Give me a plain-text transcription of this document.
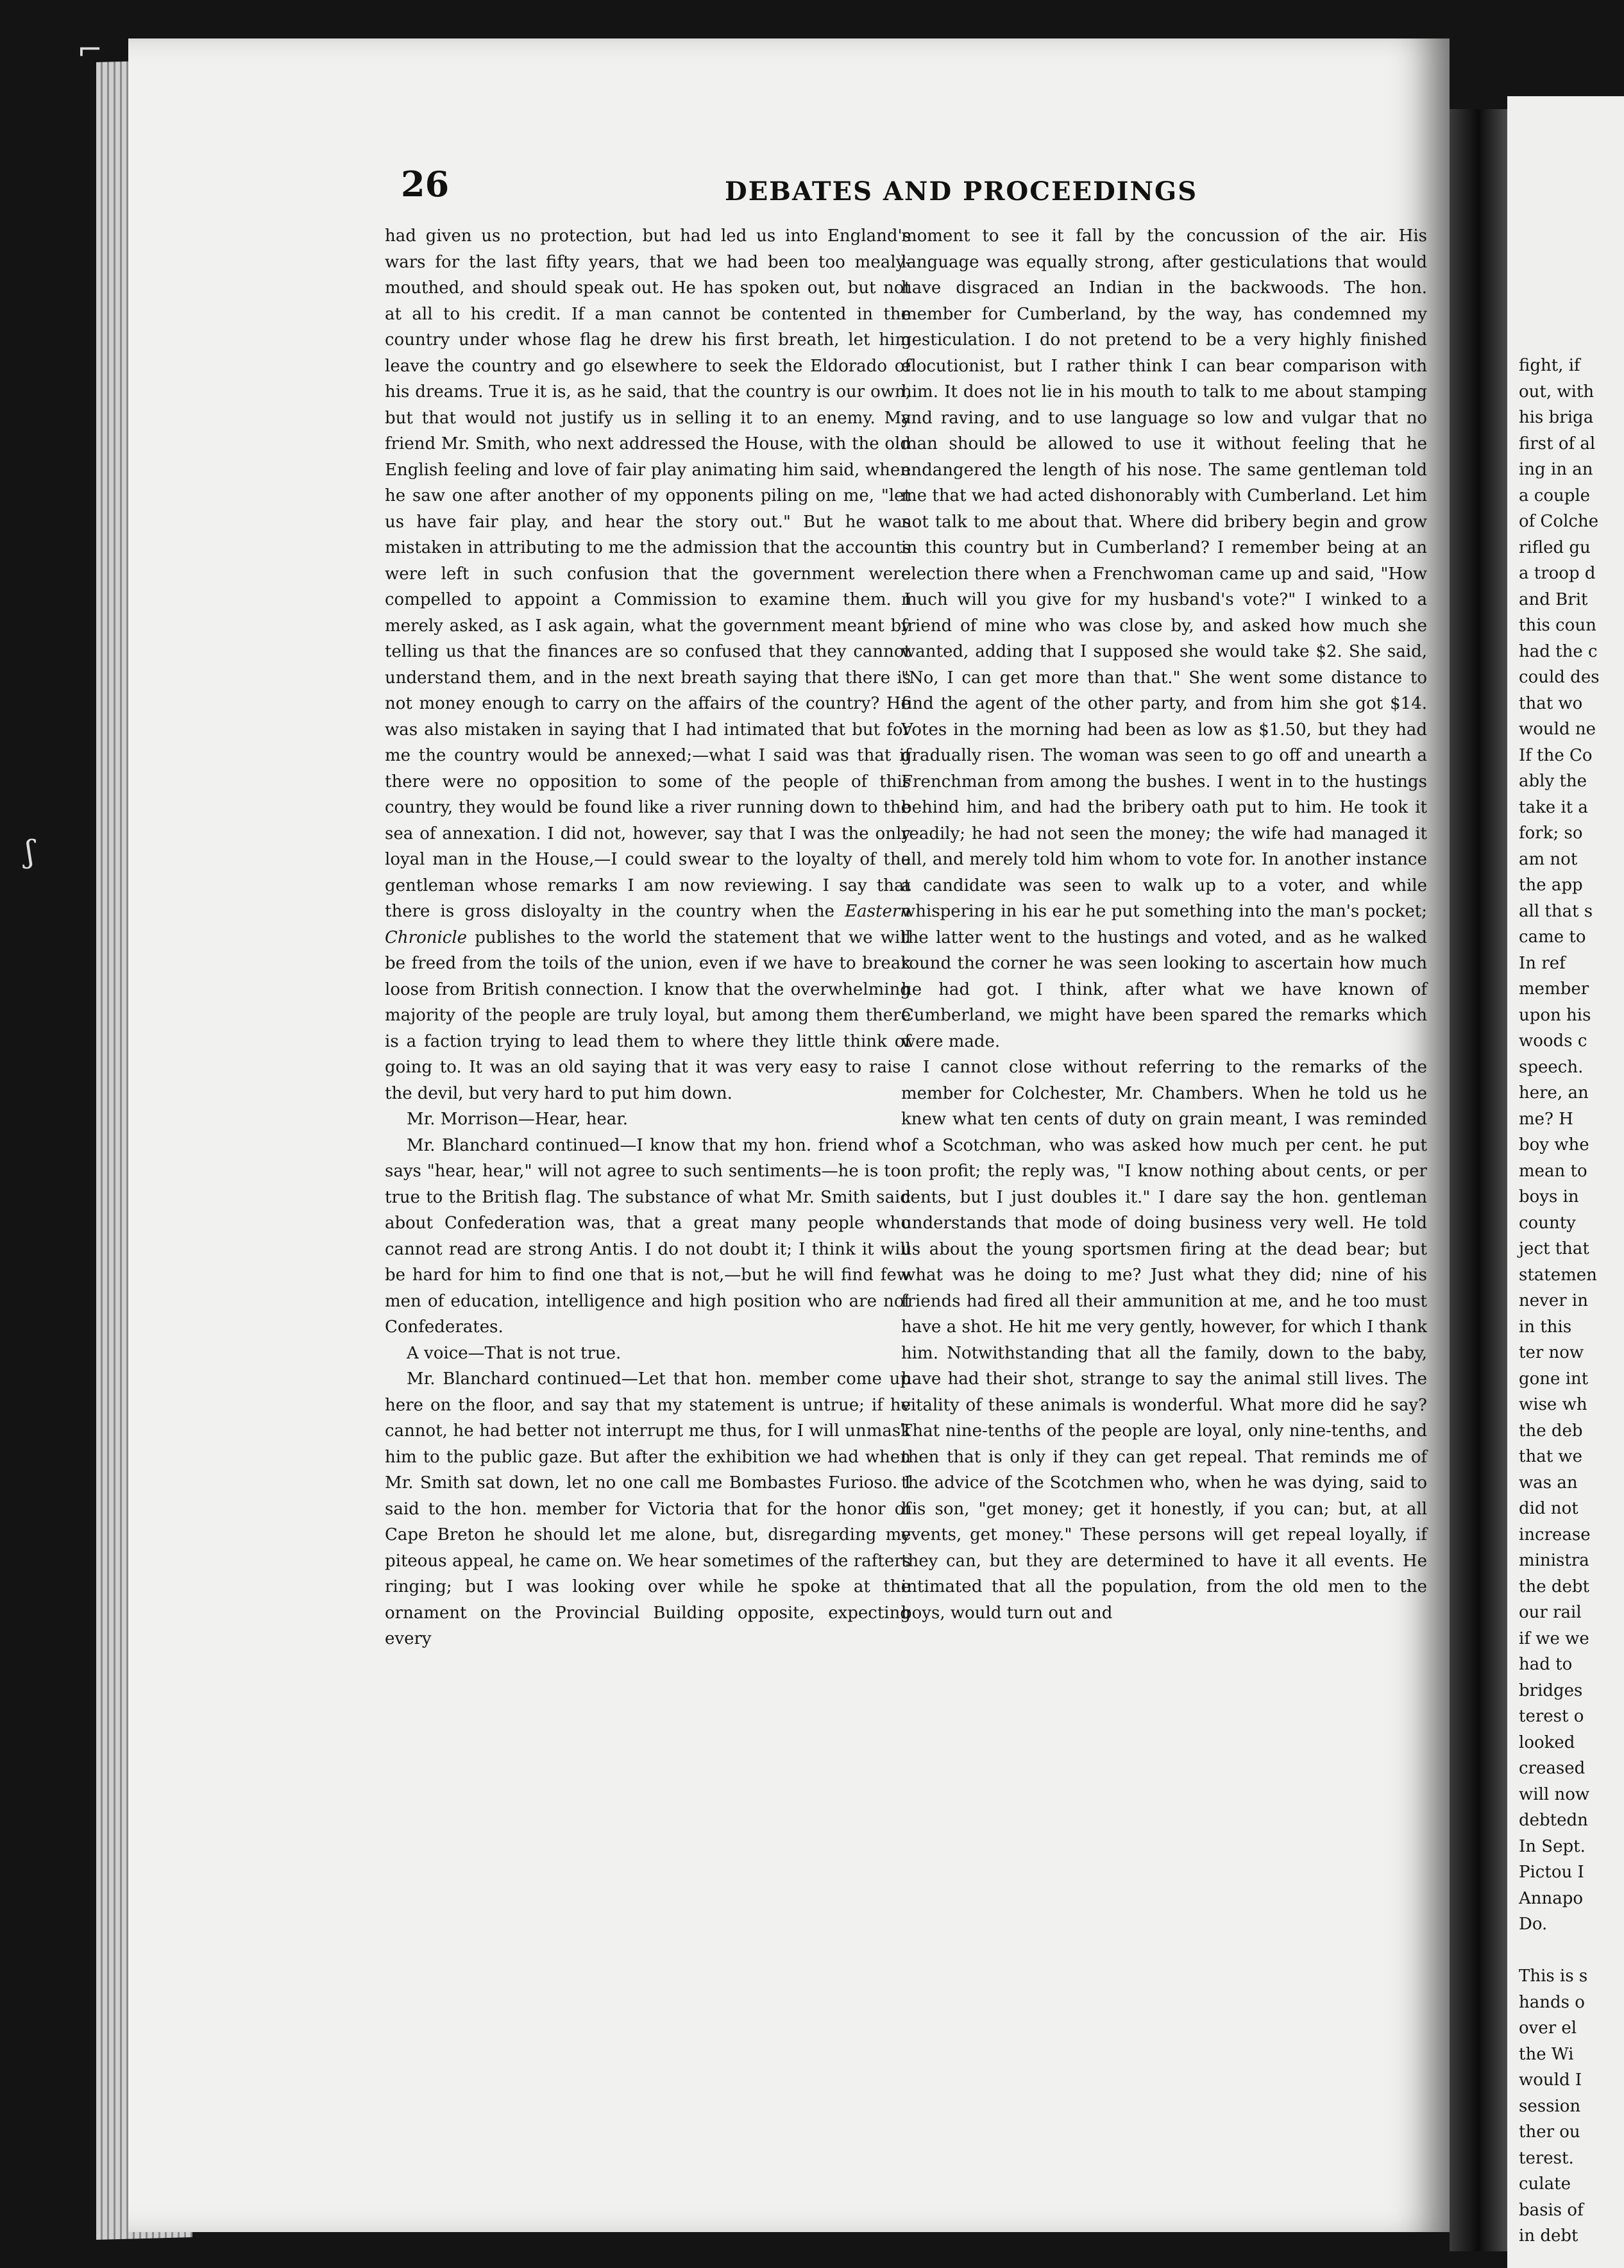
26	DEBATES AND PROCEEDINGS

had given us no protection, but had led us into England's wars for the last fifty years, that we had been too mealy-mouthed, and should speak out. He has spoken out, but not at all to his credit. If a man cannot be contented in the country under whose flag he drew his first breath, let him leave the country and go elsewhere to seek the Eldorado of his dreams. True it is, as he said, that the country is our own, but that would not justify us in selling it to an enemy. My friend Mr. Smith, who next addressed the House, with the old English feeling and love of fair play animating him said, when he saw one after another of my opponents piling on me, "let us have fair play, and hear the story out." But he was mistaken in attributing to me the admission that the accounts were left in such confusion that the government were compelled to appoint a Commission to examine them. I merely asked, as I ask again, what the government meant by telling us that the finances are so confused that they cannot understand them, and in the next breath saying that there is not money enough to carry on the affairs of the country? He was also mistaken in saying that I had intimated that but for me the country would be annexed;—what I said was that if there were no opposition to some of the people of this country, they would be found like a river running down to the sea of annexation. I did not, however, say that I was the only loyal man in the House,—I could swear to the loyalty of the gentleman whose remarks I am now reviewing. I say that there is gross disloyalty in the country when the Eastern Chronicle publishes to the world the statement that we will be freed from the toils of the union, even if we have to break loose from British connection. I know that the overwhelming majority of the people are truly loyal, but among them there is a faction trying to lead them to where they little think of going to. It was an old saying that it was very easy to raise the devil, but very hard to put him down.

Mr. Morrison—Hear, hear.

Mr. Blanchard continued—I know that my hon. friend who says "hear, hear," will not agree to such sentiments—he is too true to the British flag. The substance of what Mr. Smith said about Confederation was, that a great many people who cannot read are strong Antis. I do not doubt it; I think it will be hard for him to find one that is not,—but he will find few men of education, intelligence and high position who are not Confederates.

A voice—That is not true.

Mr. Blanchard continued—Let that hon. member come up here on the floor, and say that my statement is untrue; if he cannot, he had better not interrupt me thus, for I will unmask him to the public gaze. But after the exhibition we had when Mr. Smith sat down, let no one call me Bombastes Furioso. I said to the hon. member for Victoria that for the honor of Cape Breton he should let me alone, but, disregarding my piteous appeal, he came on. We hear sometimes of the rafters ringing; but I was looking over while he spoke at the ornament on the Provincial Building opposite, expecting every

moment to see it fall by the concussion of the air. His language was equally strong, after gesticulations that would have disgraced an Indian in the backwoods. The hon. member for Cumberland, by the way, has condemned my gesticulation. I do not pretend to be a very highly finished elocutionist, but I rather think I can bear comparison with him. It does not lie in his mouth to talk to me about stamping and raving, and to use language so low and vulgar that no man should be allowed to use it without feeling that he endangered the length of his nose. The same gentleman told me that we had acted dishonorably with Cumberland. Let him not talk to me about that. Where did bribery begin and grow in this country but in Cumberland? I remember being at an election there when a Frenchwoman came up and said, "How much will you give for my husband's vote?" I winked to a friend of mine who was close by, and asked how much she wanted, adding that I supposed she would take $2. She said, "No, I can get more than that." She went some distance to find the agent of the other party, and from him she got $14. Votes in the morning had been as low as $1.50, but they had gradually risen. The woman was seen to go off and unearth a Frenchman from among the bushes. I went in to the hustings behind him, and had the bribery oath put to him. He took it readily; he had not seen the money; the wife had managed it all, and merely told him whom to vote for. In another instance a candidate was seen to walk up to a voter, and while whispering in his ear he put something into the man's pocket; the latter went to the hustings and voted, and as he walked round the corner he was seen looking to ascertain how much he had got. I think, after what we have known of Cumberland, we might have been spared the remarks which were made.

I cannot close without referring to the remarks of the member for Colchester, Mr. Chambers. When he told us he knew what ten cents of duty on grain meant, I was reminded of a Scotchman, who was asked how much per cent. he put on profit; the reply was, "I know nothing about cents, or per cents, but I just doubles it." I dare say the hon. gentleman understands that mode of doing business very well. He told us about the young sportsmen firing at the dead bear; but what was he doing to me? Just what they did; nine of his friends had fired all their ammunition at me, and he too must have a shot. He hit me very gently, however, for which I thank him. Notwithstanding that all the family, down to the baby, have had their shot, strange to say the animal still lives. The vitality of these animals is wonderful. What more did he say? That nine-tenths of the people are loyal, only nine-tenths, and then that is only if they can get repeal. That reminds me of the advice of the Scotchmen who, when he was dying, said to his son, "get money; get it honestly, if you can; but, at all events, get money." These persons will get repeal loyally, if they can, but they are determined to have it all events. He intimated that all the population, from the old men to the boys, would turn out and

fight, if
out, with
his briga
first of al
ing in an
a couple
of Colche
rifled gu
a troop d
and Brit
this coun
had the c
could des
that wo
would ne
If the Co
ably the
take it a
fork; so
am not
the app
all that s
came to
In ref
member
upon his
woods c
speech.
here, an
me? H
boy whe
mean to
boys in
county
ject that
statemen
never in
in this
ter now
gone int
wise wh
the deb
that we
was an
did not
increase
ministra
the debt
our rail
if we we
had to
bridges
terest o
looked
creased
will now
debtedn
In Sept.
Pictou I
Annapo
Do.

This is s
hands o
over el
the Wi
would I
session
ther ou
terest.
culate
basis of
in debt
⌐
ʃ
